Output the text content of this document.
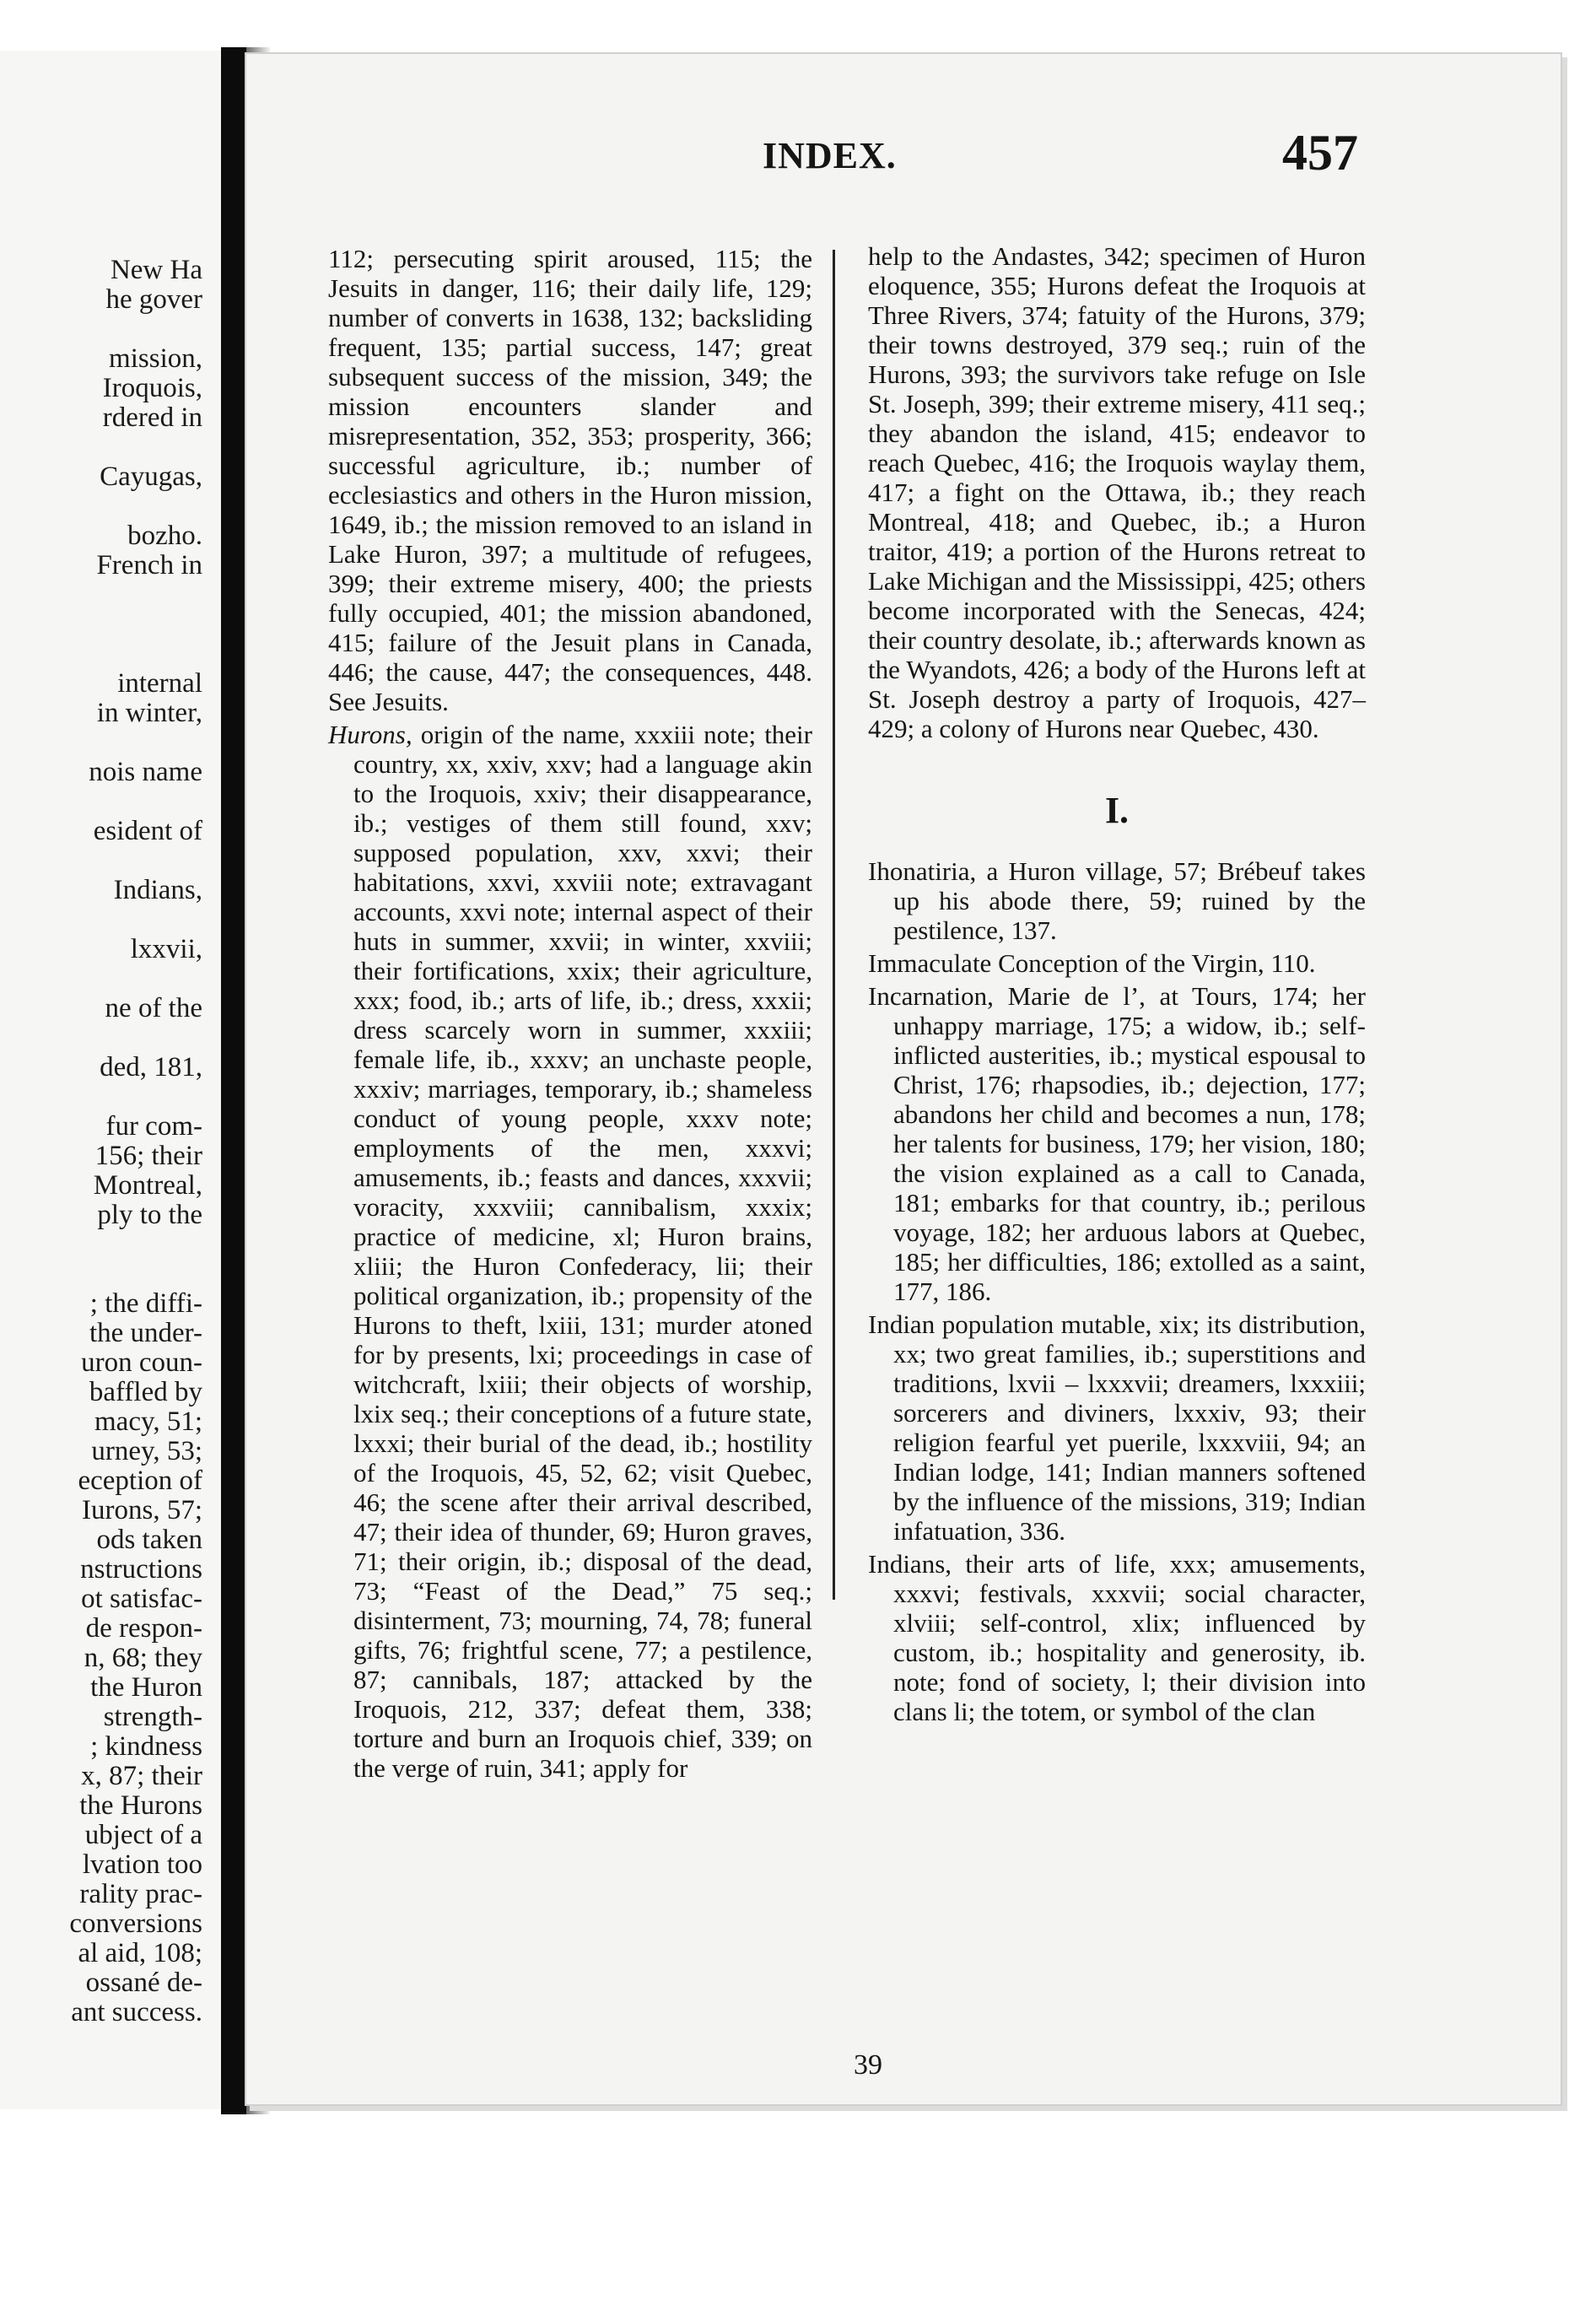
New Ha
he gover
mission,
Iroquois,
rdered in
Cayugas,
bozho.
French in
internal
in winter,
nois name
esident of
Indians,
lxxvii,
ne of the
ded, 181,
fur com-
156; their
Montreal,
ply to the
; the diffi-
the under-
uron coun-
baffled by
macy, 51;
urney, 53;
eception of
Iurons, 57;
ods taken
nstructions
ot satisfac-
de respon-
n, 68; they
the Huron
strength-
; kindness
x, 87; their
the Hurons
ubject of a
lvation too
rality prac-
conversions
al aid, 108;
ossané de-
ant success.
INDEX.	457

112; persecuting spirit aroused, 115; the Jesuits in danger, 116; their daily life, 129; number of converts in 1638, 132; backsliding frequent, 135; partial success, 147; great subsequent success of the mission, 349; the mission encounters slander and misrepresentation, 352, 353; prosperity, 366; successful agriculture, ib.; number of ecclesiastics and others in the Huron mission, 1649, ib.; the mission removed to an island in Lake Huron, 397; a multitude of refugees, 399; their extreme misery, 400; the priests fully occupied, 401; the mission abandoned, 415; failure of the Jesuit plans in Canada, 446; the cause, 447; the consequences, 448. See Jesuits.

Hurons, origin of the name, xxxiii note; their country, xx, xxiv, xxv; had a language akin to the Iroquois, xxiv; their disappearance, ib.; vestiges of them still found, xxv; supposed population, xxv, xxvi; their habitations, xxvi, xxviii note; extravagant accounts, xxvi note; internal aspect of their huts in summer, xxvii; in winter, xxviii; their fortifications, xxix; their agriculture, xxx; food, ib.; arts of life, ib.; dress, xxxii; dress scarcely worn in summer, xxxiii; female life, ib., xxxv; an unchaste people, xxxiv; marriages, temporary, ib.; shameless conduct of young people, xxxv note; employments of the men, xxxvi; amusements, ib.; feasts and dances, xxxvii; voracity, xxxviii; cannibalism, xxxix; practice of medicine, xl; Huron brains, xliii; the Huron Confederacy, lii; their political organization, ib.; propensity of the Hurons to theft, lxiii, 131; murder atoned for by presents, lxi; proceedings in case of witchcraft, lxiii; their objects of worship, lxix seq.; their conceptions of a future state, lxxxi; their burial of the dead, ib.; hostility of the Iroquois, 45, 52, 62; visit Quebec, 46; the scene after their arrival described, 47; their idea of thunder, 69; Huron graves, 71; their origin, ib.; disposal of the dead, 73; “Feast of the Dead,” 75 seq.; disinterment, 73; mourning, 74, 78; funeral gifts, 76; frightful scene, 77; a pestilence, 87; cannibals, 187; attacked by the Iroquois, 212, 337; defeat them, 338; torture and burn an Iroquois chief, 339; on the verge of ruin, 341; apply for

help to the Andastes, 342; specimen of Huron eloquence, 355; Hurons defeat the Iroquois at Three Rivers, 374; fatuity of the Hurons, 379; their towns destroyed, 379 seq.; ruin of the Hurons, 393; the survivors take refuge on Isle St. Joseph, 399; their extreme misery, 411 seq.; they abandon the island, 415; endeavor to reach Quebec, 416; the Iroquois waylay them, 417; a fight on the Ottawa, ib.; they reach Montreal, 418; and Quebec, ib.; a Huron traitor, 419; a portion of the Hurons retreat to Lake Michigan and the Mississippi, 425; others become incorporated with the Senecas, 424; their country desolate, ib.; afterwards known as the Wyandots, 426; a body of the Hurons left at St. Joseph destroy a party of Iroquois, 427–429; a colony of Hurons near Quebec, 430.

I.

Ihonatiria, a Huron village, 57; Brébeuf takes up his abode there, 59; ruined by the pestilence, 137.

Immaculate Conception of the Virgin, 110.

Incarnation, Marie de l’, at Tours, 174; her unhappy marriage, 175; a widow, ib.; self-inflicted austerities, ib.; mystical espousal to Christ, 176; rhapsodies, ib.; dejection, 177; abandons her child and becomes a nun, 178; her talents for business, 179; her vision, 180; the vision explained as a call to Canada, 181; embarks for that country, ib.; perilous voyage, 182; her arduous labors at Quebec, 185; her difficulties, 186; extolled as a saint, 177, 186.

Indian population mutable, xix; its distribution, xx; two great families, ib.; superstitions and traditions, lxvii – lxxxvii; dreamers, lxxxiii; sorcerers and diviners, lxxxiv, 93; their religion fearful yet puerile, lxxxviii, 94; an Indian lodge, 141; Indian manners softened by the influence of the missions, 319; Indian infatuation, 336.

Indians, their arts of life, xxx; amusements, xxxvi; festivals, xxxvii; social character, xlviii; self-control, xlix; influenced by custom, ib.; hospitality and generosity, ib. note; fond of society, l; their division into clans li; the totem, or symbol of the clan

39
